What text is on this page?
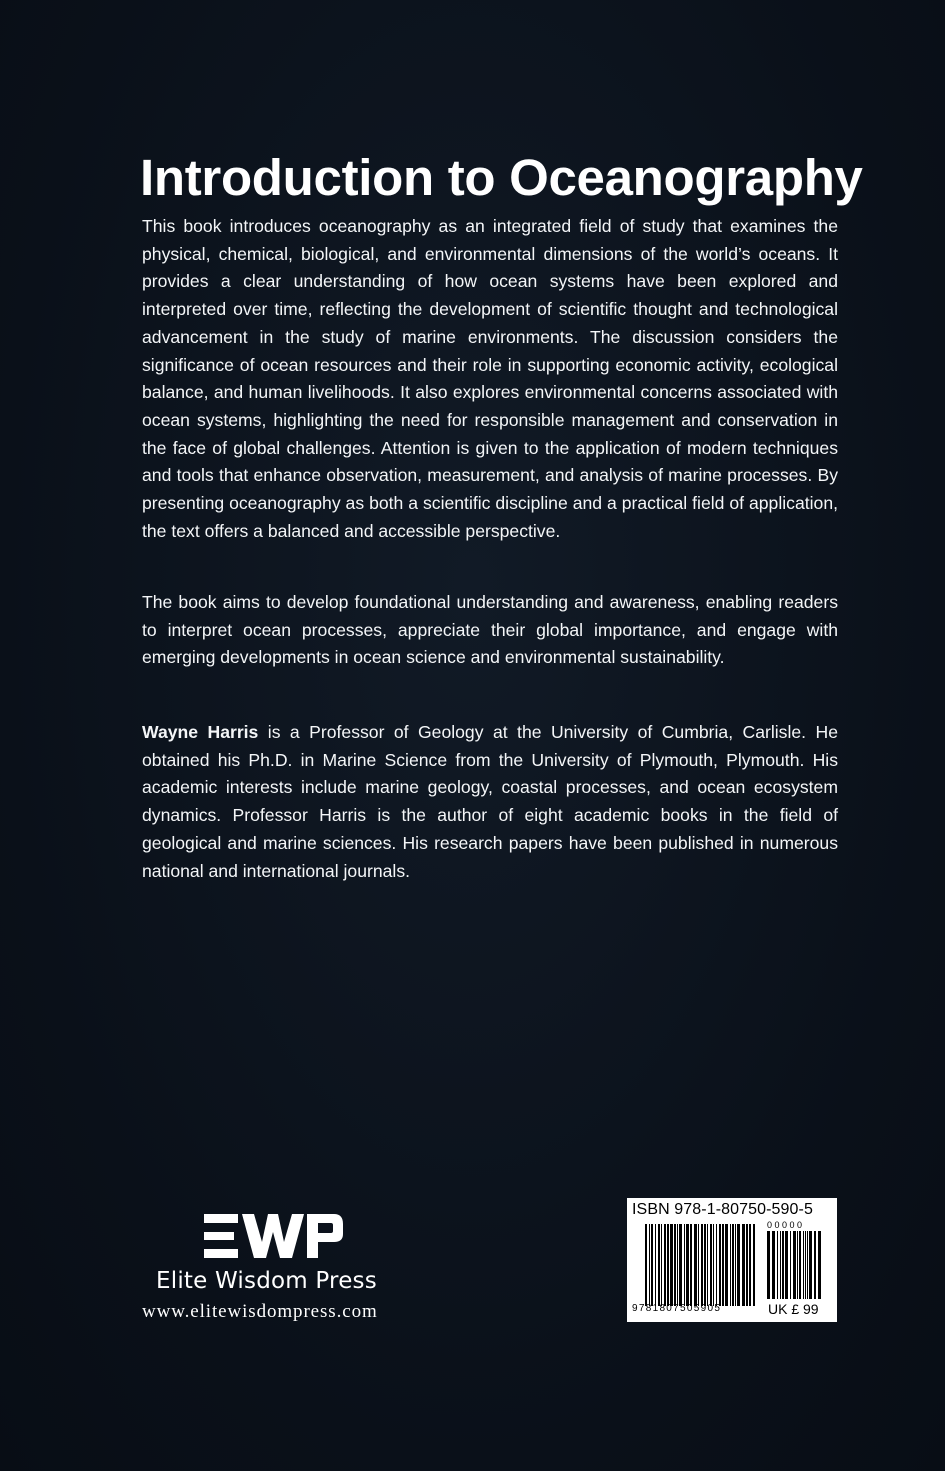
Introduction to Oceanography

This book introduces oceanography as an integrated field of study that examines the physical, chemical, biological, and environmental dimensions of the world’s oceans. It provides a clear understanding of how ocean systems have been explored and interpreted over time, reflecting the development of scientific thought and technological advancement in the study of marine environments. The discussion considers the significance of ocean resources and their role in supporting economic activity, ecological balance, and human livelihoods. It also explores environmental concerns associated with ocean systems, highlighting the need for responsible management and conservation in the face of global challenges. Attention is given to the application of modern techniques and tools that enhance observation, measurement, and analysis of marine processes. By presenting oceanography as both a scientific discipline and a practical field of application, the text offers a balanced and accessible perspective.

The book aims to develop foundational understanding and awareness, enabling readers to interpret ocean processes, appreciate their global importance, and engage with emerging developments in ocean science and environmental sustainability.

Wayne Harris is a Professor of Geology at the University of Cumbria, Carlisle. He obtained his Ph.D. in Marine Science from the University of Plymouth, Plymouth. His academic interests include marine geology, coastal processes, and ocean ecosystem dynamics. Professor Harris is the author of eight academic books in the field of geological and marine sciences. His research papers have been published in numerous national and international journals.

Elite Wisdom Press
www.elitewisdompress.com
ISBN 978-1-80750-590-5
00000
9781807505905	UK £ 99
